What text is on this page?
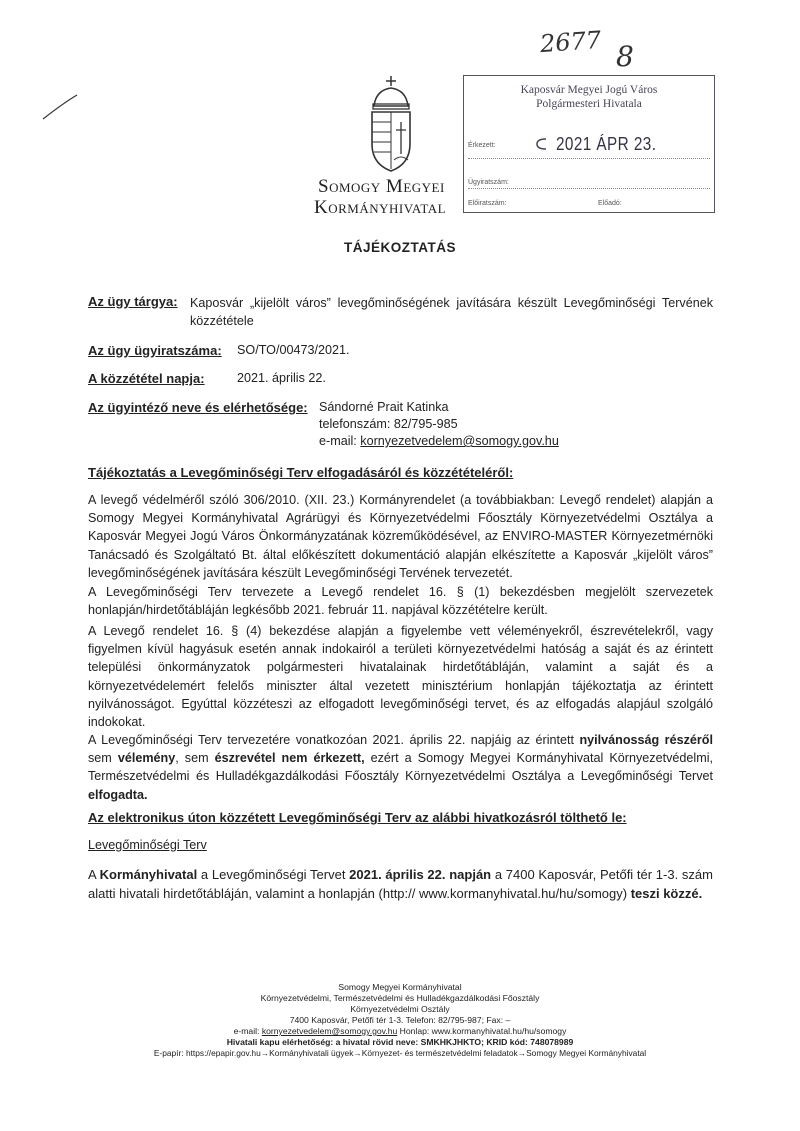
2677 8
Somogy Megyei
Kormányhivatal
Kaposvár Megyei Jogú Város
Polgármesteri Hivatala
Érkezett:	2021 ÁPR 23.
Ügyiratszám:
Előiratszám:	Előadó:
TÁJÉKOZTATÁS
Az ügy tárgya: Kaposvár „kijelölt város” levegőminőségének javítására készült Levegőminőségi Tervének közzététele
Az ügy ügyiratszáma: SO/TO/00473/2021.
A közzététel napja:	2021. április 22.
Az ügyintéző neve és elérhetősége: Sándorné Prait Katinka
telefonszám: 82/795-985
e-mail: kornyezetvedelem@somogy.gov.hu
Tájékoztatás a Levegőminőségi Terv elfogadásáról és közzétételéről:
A levegő védelméről szóló 306/2010. (XII. 23.) Kormányrendelet (a továbbiakban: Levegő rendelet) alapján a Somogy Megyei Kormányhivatal Agrárügyi és Környezetvédelmi Főosztály Környezetvédelmi Osztálya a Kaposvár Megyei Jogú Város Önkormányzatának közreműködésével, az ENVIRO-MASTER Környezetmérnöki Tanácsadó és Szolgáltató Bt. által előkészített dokumentáció alapján elkészítette a Kaposvár „kijelölt város” levegőminőségének javítására készült Levegőminőségi Tervének tervezetét.
A Levegőminőségi Terv tervezete a Levegő rendelet 16. § (1) bekezdésben megjelölt szervezetek honlapján/hirdetőtábláján legkésőbb 2021. február 11. napjával közzétételre került.
A Levegő rendelet 16. § (4) bekezdése alapján a figyelembe vett véleményekről, észrevételekről, vagy figyelmen kívül hagyásuk esetén annak indokairól a területi környezetvédelmi hatóság a saját és az érintett települési önkormányzatok polgármesteri hivatalainak hirdetőtábláján, valamint a saját és a környezetvédelemért felelős miniszter által vezetett minisztérium honlapján tájékoztatja az érintett nyilvánosságot. Egyúttal közzéteszi az elfogadott levegőminőségi tervet, és az elfogadás alapjául szolgáló indokokat.
A Levegőminőségi Terv tervezetére vonatkozóan 2021. április 22. napjáig az érintett nyilvánosság részéről sem vélemény, sem észrevétel nem érkezett, ezért a Somogy Megyei Kormányhivatal Környezetvédelmi, Természetvédelmi és Hulladékgazdálkodási Főosztály Környezetvédelmi Osztálya a Levegőminőségi Tervet elfogadta.
Az elektronikus úton közzétett Levegőminőségi Terv az alábbi hivatkozásról tölthető le:
Levegőminőségi Terv
A Kormányhivatal a Levegőminőségi Tervet 2021. április 22. napján a 7400 Kaposvár, Petőfi tér 1-3. szám alatti hivatali hirdetőtábláján, valamint a honlapján (http:// www.kormanyhivatal.hu/hu/somogy) teszi közzé.
Somogy Megyei Kormányhivatal
Környezetvédelmi, Természetvédelmi és Hulladékgazdálkodási Főosztály
Környezetvédelmi Osztály
7400 Kaposvár, Petőfi tér 1-3. Telefon: 82/795-987; Fax: –
e-mail: kornyezetvedelem@somogy.gov.hu Honlap: www.kormanyhivatal.hu/hu/somogy
Hivatali kapu elérhetőség: a hivatal rövid neve: SMKHKJHKTO; KRID kód: 748078989
E-papír: https://epapir.gov.hu→Kormányhivatali ügyek→Környezet- és természetvédelmi feladatok→Somogy Megyei Kormányhivatal
